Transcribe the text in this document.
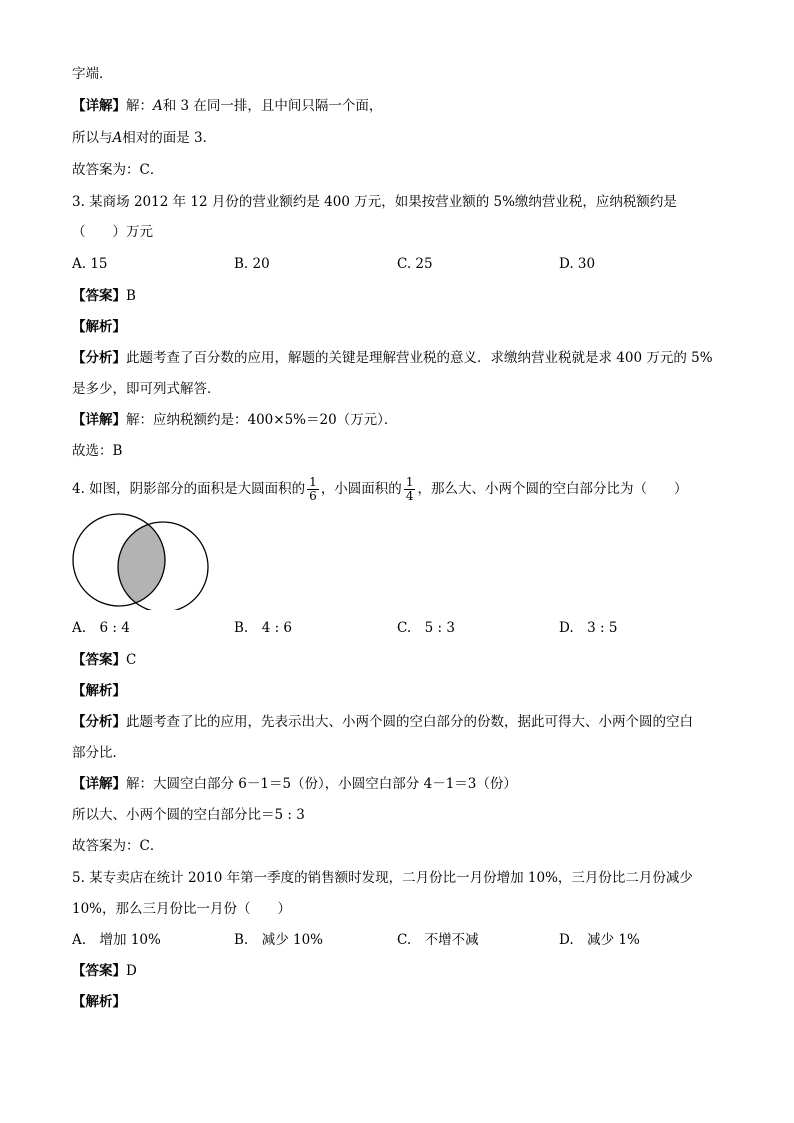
字端．
【详解】解：A和 3 在同一排，且中间只隔一个面，
所以与A相对的面是 3．
故答案为：C．
3. 某商场 2012 年 12 月份的营业额约是 400 万元，如果按营业额的 5%缴纳营业税，应纳税额约是
（　　）万元
A. 15	B. 20	C. 25	D. 30
【答案】B
【解析】
【分析】此题考查了百分数的应用，解题的关键是理解营业税的意义．求缴纳营业税就是求 400 万元的 5%
是多少，即可列式解答．
【详解】解：应纳税额约是：400×5%＝20（万元）．
故选：B
4. 如图，阴影部分的面积是大圆面积的 $\frac{1}{6}$ ，小圆面积的 $\frac{1}{4}$ ，那么大、小两个圆的空白部分比为（　　）
A.　6 : 4	B.　4 : 6	C.　5 : 3	D.　3 : 5
【答案】C
【解析】
【分析】此题考查了比的应用，先表示出大、小两个圆的空白部分的份数，据此可得大、小两个圆的空白
部分比．
【详解】解：大圆空白部分 6－1＝5（份），小圆空白部分 4－1＝3（份）
所以大、小两个圆的空白部分比＝5 : 3
故答案为：C．
5. 某专卖店在统计 2010 年第一季度的销售额时发现，二月份比一月份增加 10%，三月份比二月份减少
10%，那么三月份比一月份（　　）
A.　增加 10%	B.　减少 10%	C.　不增不减	D.　减少 1%
【答案】D
【解析】
